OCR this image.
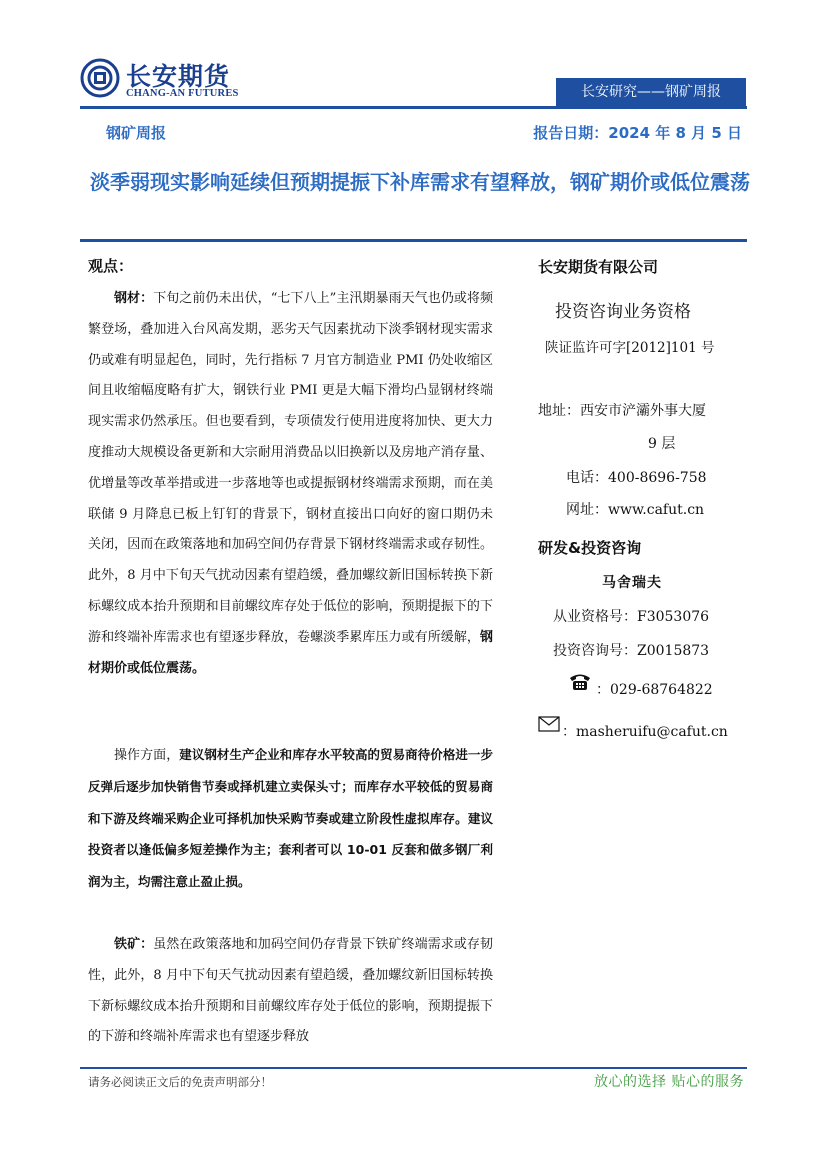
长安期货
CHANG-AN FUTURES	长安研究——钢矿周报
钢矿周报	报告日期：2024 年 8 月 5 日
淡季弱现实影响延续但预期提振下补库需求有望释放，钢矿期价或低位震荡
观点：

钢材：下旬之前仍未出伏，“七下八上”主汛期暴雨天气也仍或将频繁登场，叠加进入台风高发期，恶劣天气因素扰动下淡季钢材现实需求仍或难有明显起色，同时，先行指标 7 月官方制造业 PMI 仍处收缩区间且收缩幅度略有扩大，钢铁行业 PMI 更是大幅下滑均凸显钢材终端现实需求仍然承压。但也要看到，专项债发行使用进度将加快、更大力度推动大规模设备更新和大宗耐用消费品以旧换新以及房地产消存量、优增量等改革举措或进一步落地等也或提振钢材终端需求预期，而在美联储 9 月降息已板上钉钉的背景下，钢材直接出口向好的窗口期仍未关闭，因而在政策落地和加码空间仍存背景下钢材终端需求或存韧性。此外，8 月中下旬天气扰动因素有望趋缓，叠加螺纹新旧国标转换下新标螺纹成本抬升预期和目前螺纹库存处于低位的影响，预期提振下的下游和终端补库需求也有望逐步释放，卷螺淡季累库压力或有所缓解，钢材期价或低位震荡。

操作方面，建议钢材生产企业和库存水平较高的贸易商待价格进一步反弹后逐步加快销售节奏或择机建立卖保头寸；而库存水平较低的贸易商和下游及终端采购企业可择机加快采购节奏或建立阶段性虚拟库存。建议投资者以逢低偏多短差操作为主；套利者可以 10-01 反套和做多钢厂利润为主，均需注意止盈止损。

铁矿：虽然在政策落地和加码空间仍存背景下铁矿终端需求或存韧性，此外，8 月中下旬天气扰动因素有望趋缓，叠加螺纹新旧国标转换下新标螺纹成本抬升预期和目前螺纹库存处于低位的影响，预期提振下的下游和终端补库需求也有望逐步释放

长安期货有限公司
投资咨询业务资格
陕证监许可字[2012]101 号
地址：西安市浐灞外事大厦
9 层
电话：400-8696-758
网址：www.cafut.cn
研发&投资咨询
马舍瑞夫
从业资格号：F3053076
投资咨询号：Z0015873
：029-68764822
：masheruifu@cafut.cn
请务必阅读正文后的免责声明部分！	放心的选择 贴心的服务
